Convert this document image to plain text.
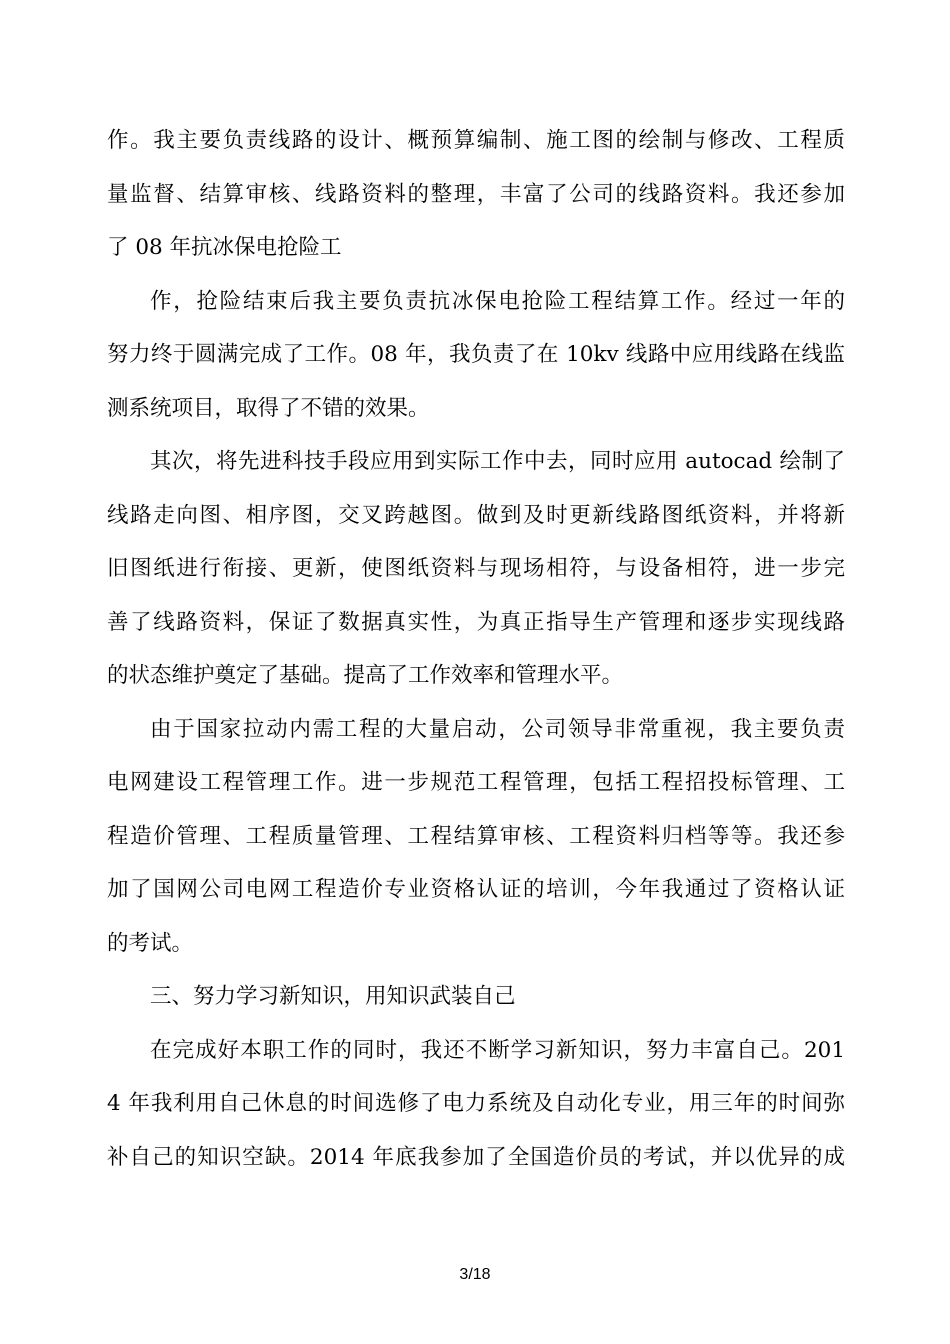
作。我主要负责线路的设计、概预算编制、施工图的绘制与修改、工程质
量监督、结算审核、线路资料的整理，丰富了公司的线路资料。我还参加
了 08 年抗冰保电抢险工
作，抢险结束后我主要负责抗冰保电抢险工程结算工作。经过一年的
努力终于圆满完成了工作。08 年，我负责了在 10kv 线路中应用线路在线监
测系统项目，取得了不错的效果。
其次，将先进科技手段应用到实际工作中去，同时应用 autocad 绘制了
线路走向图、相序图，交叉跨越图。做到及时更新线路图纸资料，并将新
旧图纸进行衔接、更新，使图纸资料与现场相符，与设备相符，进一步完
善了线路资料，保证了数据真实性，为真正指导生产管理和逐步实现线路
的状态维护奠定了基础。提高了工作效率和管理水平。
由于国家拉动内需工程的大量启动，公司领导非常重视，我主要负责
电网建设工程管理工作。进一步规范工程管理，包括工程招投标管理、工
程造价管理、工程质量管理、工程结算审核、工程资料归档等等。我还参
加了国网公司电网工程造价专业资格认证的培训，今年我通过了资格认证
的考试。
三、努力学习新知识，用知识武装自己
在完成好本职工作的同时，我还不断学习新知识，努力丰富自己。201
4 年我利用自己休息的时间选修了电力系统及自动化专业，用三年的时间弥
补自己的知识空缺。2014 年底我参加了全国造价员的考试，并以优异的成
3/18
